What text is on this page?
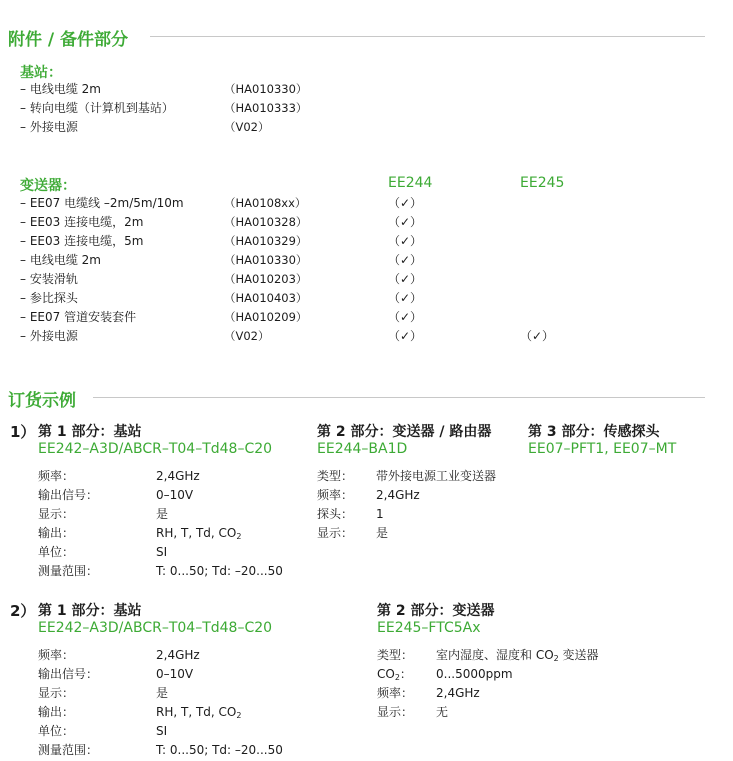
附件 / 备件部分
基站：
– 电线电缆 2m	（HA010330）
– 转向电缆（计算机到基站）	（HA010333）
– 外接电源	（V02）
变送器：	EE244	EE245
– EE07 电缆线 –2m/5m/10m	（HA0108xx）	（✓）
– EE03 连接电缆，2m	（HA010328）	（✓）
– EE03 连接电缆，5m	（HA010329）	（✓）
– 电线电缆 2m	（HA010330）	（✓）
– 安装滑轨	（HA010203）	（✓）
– 参比探头	（HA010403）	（✓）
– EE07 管道安装套件	（HA010209）	（✓）
– 外接电源	（V02）	（✓）	（✓）
订货示例
1） 第 1 部分：基站
EE242–A3D/ABCR–T04–Td48–C20
频率：	2,4GHz
输出信号：	0–10V
显示：	是
输出：	RH, T, Td, $CO_2$
单位：	SI
测量范围：	T: 0...50; Td: –20...50
第 2 部分：变送器 / 路由器
EE244–BA1D
类型： 带外接电源工业变送器
频率： 2,4GHz
探头： 1
显示： 是
第 3 部分：传感探头
EE07–PFT1, EE07–MT
2） 第 1 部分：基站
EE242–A3D/ABCR–T04–Td48–C20
频率：	2,4GHz
输出信号：	0–10V
显示：	是
输出：	RH, T, Td, $CO_2$
单位：	SI
测量范围：	T: 0...50; Td: –20...50
第 2 部分：变送器
EE245–FTC5Ax
类型： 室内湿度、湿度和 $CO_2$ 变送器
$CO_2$： 0...5000ppm
频率： 2,4GHz
显示： 无
